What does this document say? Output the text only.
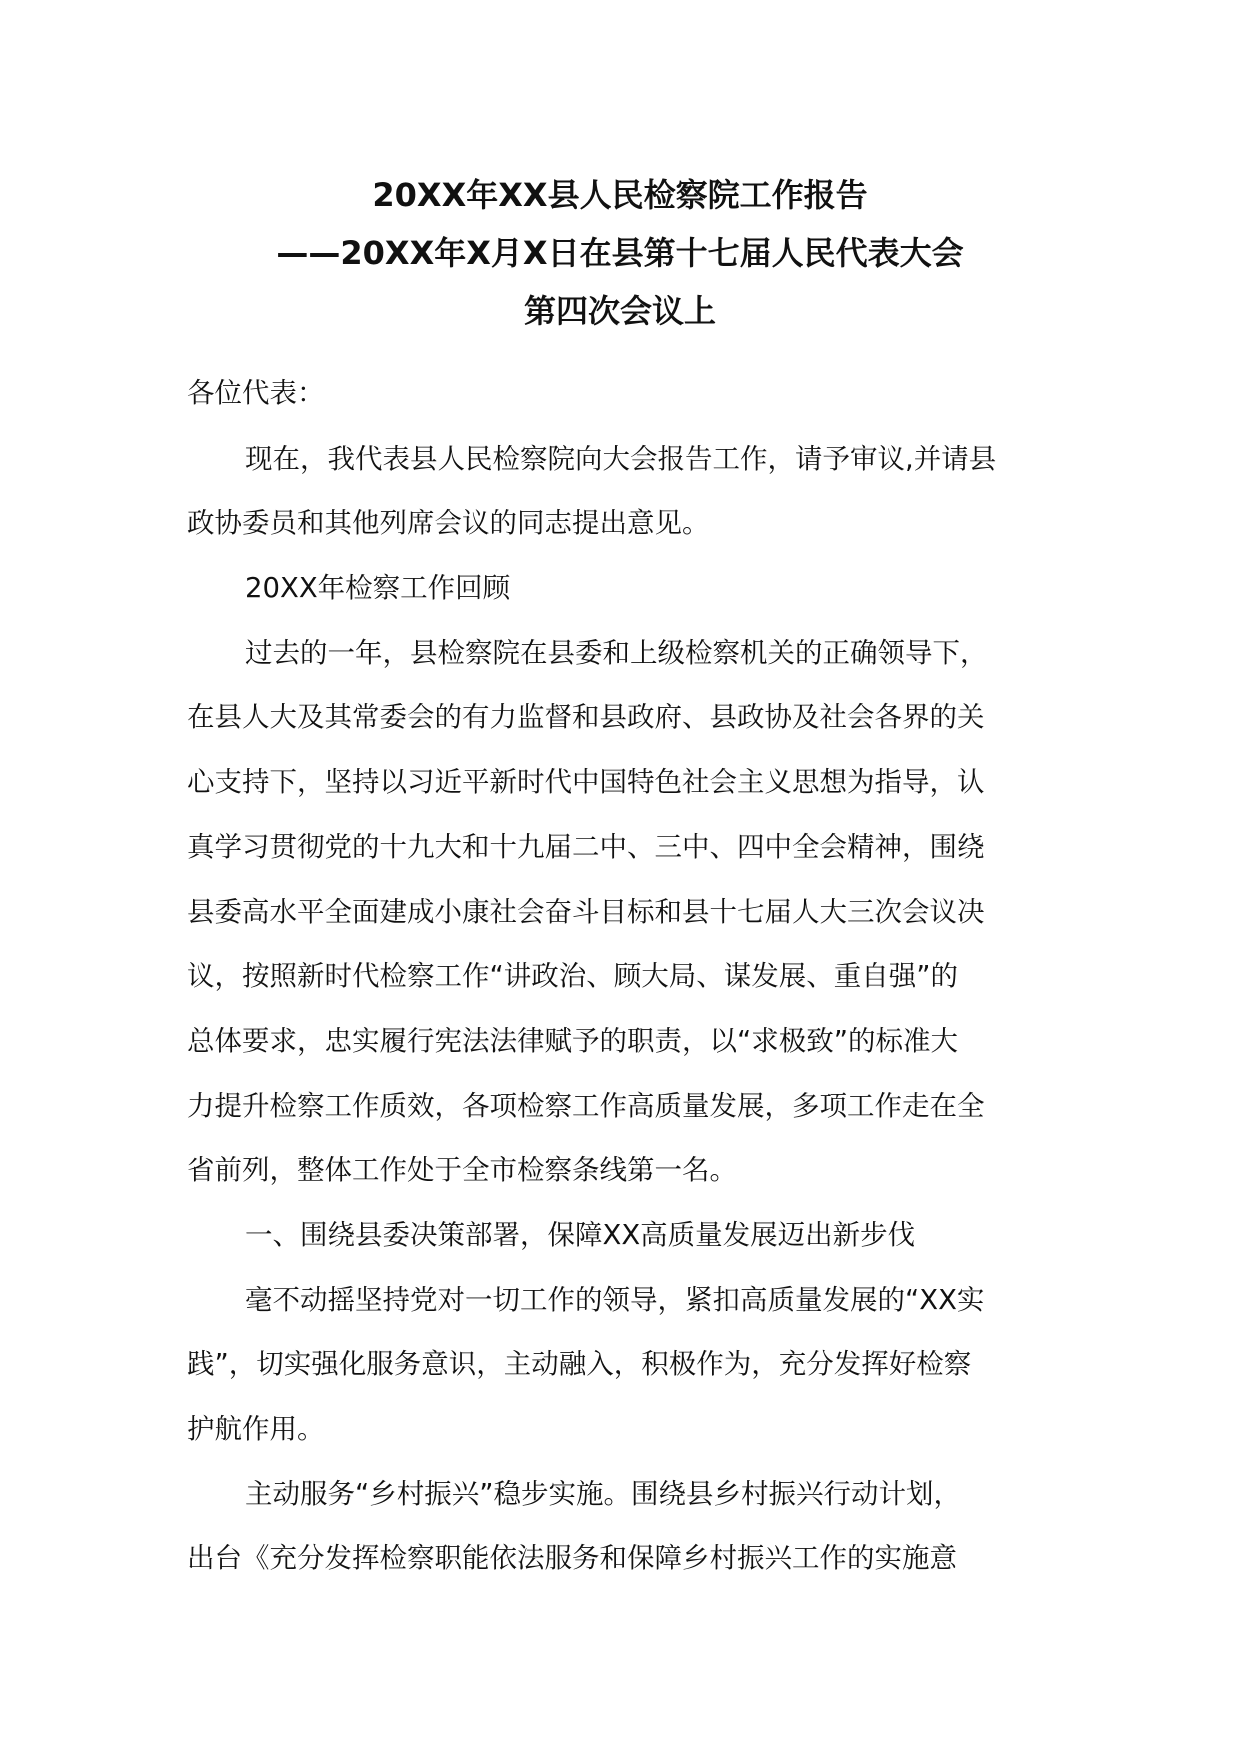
20XX年XX县人民检察院工作报告
——20XX年X月X日在县第十七届人民代表大会
第四次会议上
各位代表：
现在，我代表县人民检察院向大会报告工作，请予审议,并请县
政协委员和其他列席会议的同志提出意见。
20XX年检察工作回顾
过去的一年，县检察院在县委和上级检察机关的正确领导下，
在县人大及其常委会的有力监督和县政府、县政协及社会各界的关
心支持下，坚持以习近平新时代中国特色社会主义思想为指导，认
真学习贯彻党的十九大和十九届二中、三中、四中全会精神，围绕
县委高水平全面建成小康社会奋斗目标和县十七届人大三次会议决
议，按照新时代检察工作“讲政治、顾大局、谋发展、重自强”的
总体要求，忠实履行宪法法律赋予的职责，以“求极致”的标准大
力提升检察工作质效，各项检察工作高质量发展，多项工作走在全
省前列，整体工作处于全市检察条线第一名。
一、围绕县委决策部署，保障XX高质量发展迈出新步伐
毫不动摇坚持党对一切工作的领导，紧扣高质量发展的“XX实
践”，切实强化服务意识，主动融入，积极作为，充分发挥好检察
护航作用。
主动服务“乡村振兴”稳步实施。围绕县乡村振兴行动计划，
出台《充分发挥检察职能依法服务和保障乡村振兴工作的实施意
